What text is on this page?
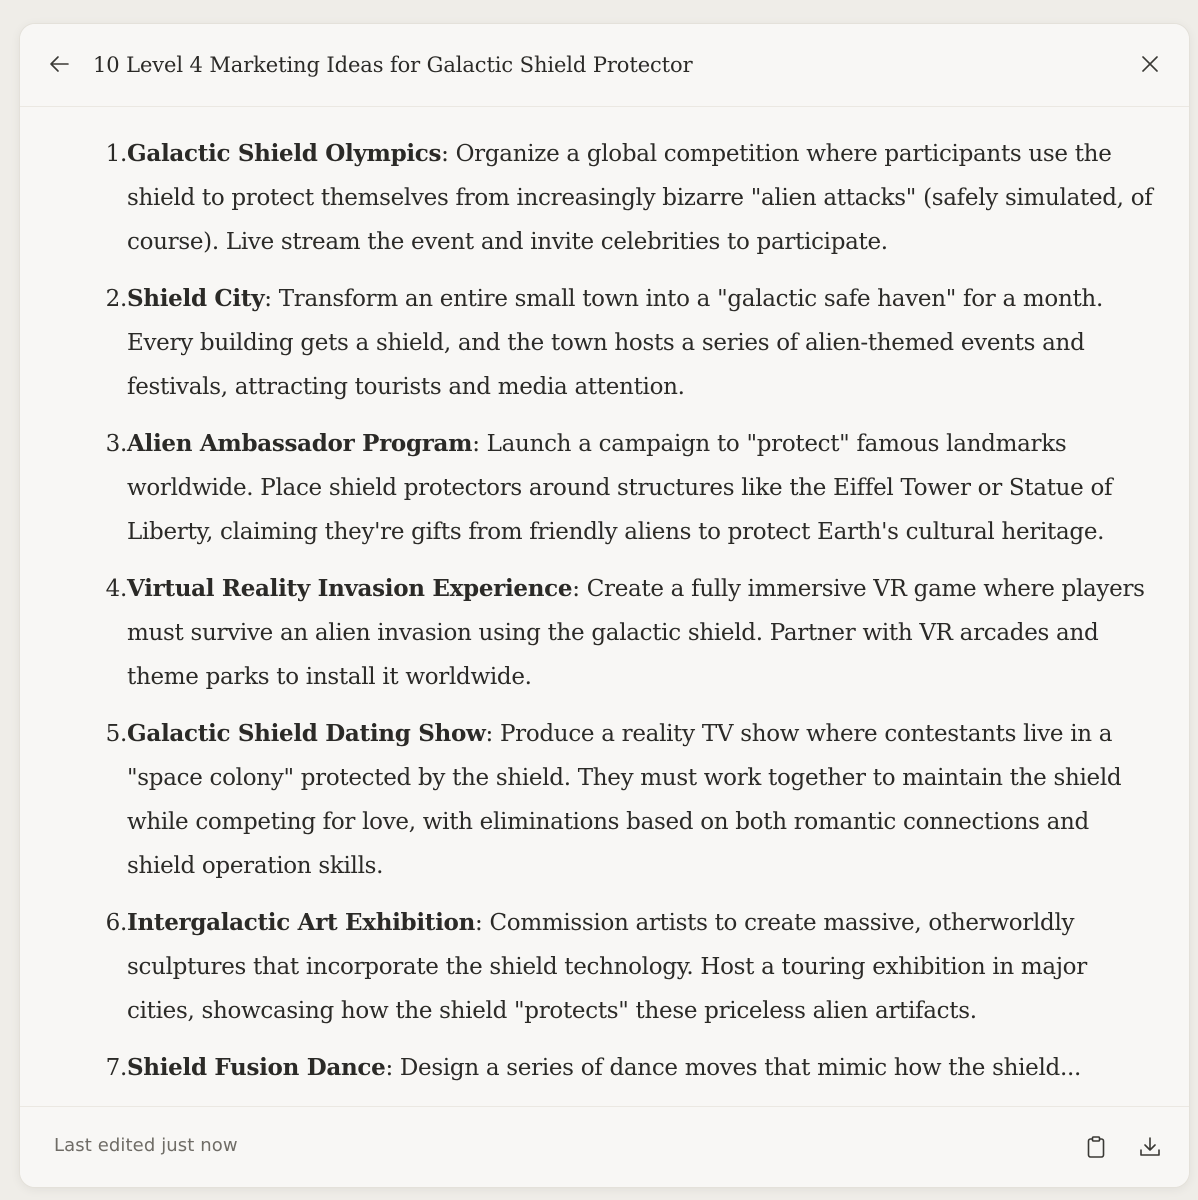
10 Level 4 Marketing Ideas for Galactic Shield Protector
1. Galactic Shield Olympics: Organize a global competition where participants use the shield to protect themselves from increasingly bizarre "alien attacks" (safely simulated, of course). Live stream the event and invite celebrities to participate.
2. Shield City: Transform an entire small town into a "galactic safe haven" for a month. Every building gets a shield, and the town hosts a series of alien-themed events and festivals, attracting tourists and media attention.
3. Alien Ambassador Program: Launch a campaign to "protect" famous landmarks worldwide. Place shield protectors around structures like the Eiffel Tower or Statue of Liberty, claiming they're gifts from friendly aliens to protect Earth's cultural heritage.
4. Virtual Reality Invasion Experience: Create a fully immersive VR game where players must survive an alien invasion using the galactic shield. Partner with VR arcades and theme parks to install it worldwide.
5. Galactic Shield Dating Show: Produce a reality TV show where contestants live in a "space colony" protected by the shield. They must work together to maintain the shield while competing for love, with eliminations based on both romantic connections and shield operation skills.
6. Intergalactic Art Exhibition: Commission artists to create massive, otherworldly sculptures that incorporate the shield technology. Host a touring exhibition in major cities, showcasing how the shield "protects" these priceless alien artifacts.
7. Shield Fusion Dance: Design a series of dance moves that mimic how the shield...
Last edited just now
